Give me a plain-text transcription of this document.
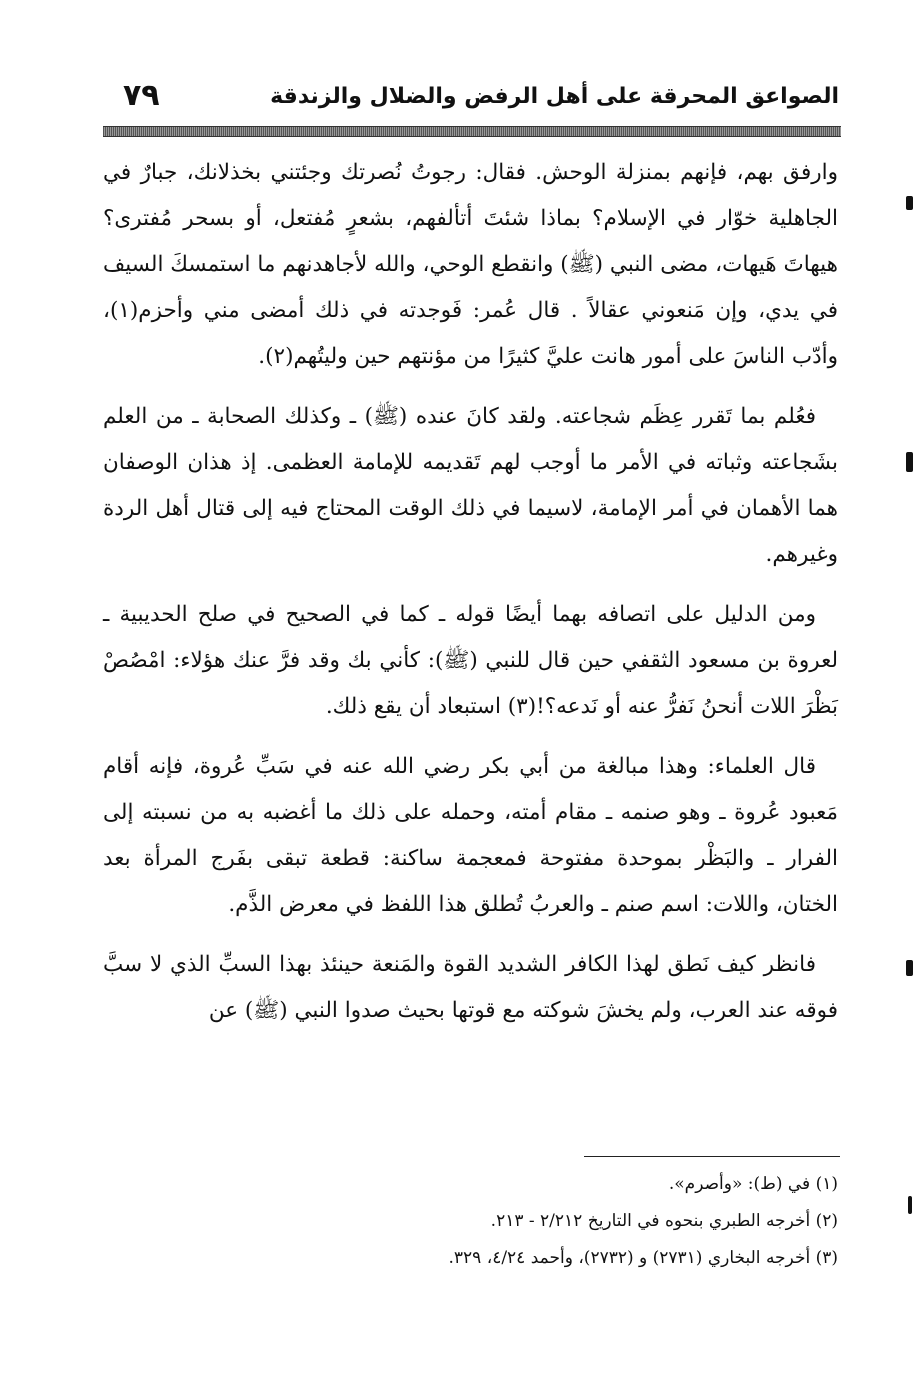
الصواعق المحرقة على أهل الرفض والضلال والزندقة
٧٩

وارفق بهم، فإنهم بمنزلة الوحش. فقال: رجوتُ نُصرتك وجئتني بخذلانك، جبارٌ في الجاهلية خوّار في الإسلام؟ بماذا شئتَ أتألفهم، بشعرٍ مُفتعل، أو بسحر مُفترى؟ هيهاتَ هَيهات، مضى النبي (ﷺ) وانقطع الوحي، والله لأجاهدنهم ما استمسكَ السيف في يدي، وإن مَنعوني عقالاً . قال عُمر: فَوجدته في ذلك أمضى مني وأحزم(١)، وأدّب الناسَ على أمور هانت عليَّ كثيرًا من مؤنتهم حين وليتُهم(٢).

فعُلم بما تَقرر عِظَم شجاعته. ولقد كانَ عنده (ﷺ) ـ وكذلك الصحابة ـ من العلم بشَجاعته وثباته في الأمر ما أوجب لهم تَقديمه للإمامة العظمى. إذ هذان الوصفان هما الأهمان في أمر الإمامة، لاسيما في ذلك الوقت المحتاج فيه إلى قتال أهل الردة وغيرهم.

ومن الدليل على اتصافه بهما أيضًا قوله ـ كما في الصحيح في صلح الحديبية ـ لعروة بن مسعود الثقفي حين قال للنبي (ﷺ): كأني بك وقد فرَّ عنك هؤلاء: امْصُصْ بَظْرَ اللات أنحنُ نَفرُّ عنه أو نَدعه؟!(٣) استبعاد أن يقع ذلك.

قال العلماء: وهذا مبالغة من أبي بكر رضي الله عنه في سَبِّ عُروة، فإنه أقام مَعبود عُروة ـ وهو صنمه ـ مقام أمته، وحمله على ذلك ما أغضبه به من نسبته إلى الفرار ـ والبَظْر بموحدة مفتوحة فمعجمة ساكنة: قطعة تبقى بفَرج المرأة بعد الختان، واللات: اسم صنم ـ والعربُ تُطلق هذا اللفظ في معرض الذَّم.

فانظر كيف نَطق لهذا الكافر الشديد القوة والمَنعة حينئذ بهذا السبِّ الذي لا سبَّ فوقه عند العرب، ولم يخشَ شوكته مع قوتها بحيث صدوا النبي (ﷺ) عن

(١) في (ط): «وأصرم».

(٢) أخرجه الطبري بنحوه في التاريخ ٢/٢١٢ - ٢١٣.

(٣) أخرجه البخاري (٢٧٣١) و (٢٧٣٢)، وأحمد ٤/٢٤، ٣٢٩.
